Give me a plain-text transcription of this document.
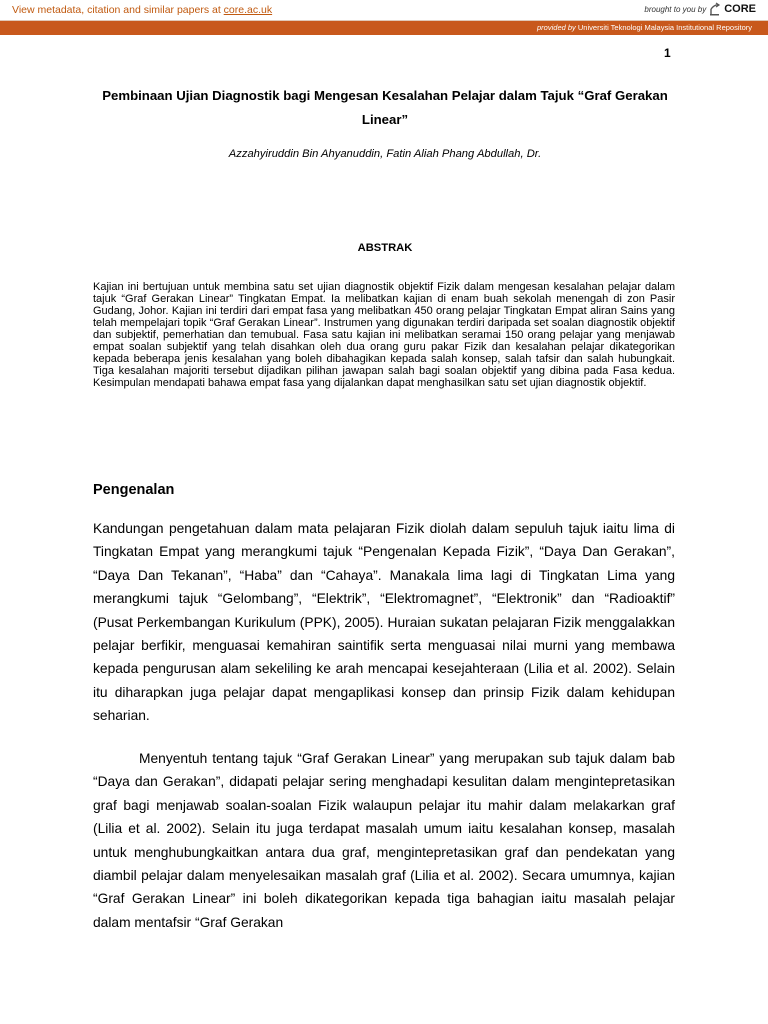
View metadata, citation and similar papers at core.ac.uk	brought to you by CORE
provided by Universiti Teknologi Malaysia Institutional Repository
1
Pembinaan Ujian Diagnostik bagi Mengesan Kesalahan Pelajar dalam Tajuk “Graf Gerakan Linear”
Azzahyiruddin Bin Ahyanuddin, Fatin Aliah Phang Abdullah, Dr.
ABSTRAK

Kajian ini bertujuan untuk membina satu set ujian diagnostik objektif Fizik dalam mengesan kesalahan pelajar dalam tajuk “Graf Gerakan Linear” Tingkatan Empat. Ia melibatkan kajian di enam buah sekolah menengah di zon Pasir Gudang, Johor. Kajian ini terdiri dari empat fasa yang melibatkan 450 orang pelajar Tingkatan Empat aliran Sains yang telah mempelajari topik “Graf Gerakan Linear”. Instrumen yang digunakan terdiri daripada set soalan diagnostik objektif dan subjektif, pemerhatian dan temubual. Fasa satu kajian ini melibatkan seramai 150 orang pelajar yang menjawab empat soalan subjektif yang telah disahkan oleh dua orang guru pakar Fizik dan kesalahan pelajar dikategorikan kepada beberapa jenis kesalahan yang boleh dibahagikan kepada salah konsep, salah tafsir dan salah hubungkait. Tiga kesalahan majoriti tersebut dijadikan pilihan jawapan salah bagi soalan objektif yang dibina pada Fasa kedua. Kesimpulan mendapati bahawa empat fasa yang dijalankan dapat menghasilkan satu set ujian diagnostik objektif.

Pengenalan

Kandungan pengetahuan dalam mata pelajaran Fizik diolah dalam sepuluh tajuk iaitu lima di Tingkatan Empat yang merangkumi tajuk “Pengenalan Kepada Fizik”, “Daya Dan Gerakan”, “Daya Dan Tekanan”, “Haba” dan “Cahaya”. Manakala lima lagi di Tingkatan Lima yang merangkumi tajuk “Gelombang”, “Elektrik”, “Elektromagnet”, “Elektronik” dan “Radioaktif” (Pusat Perkembangan Kurikulum (PPK), 2005). Huraian sukatan pelajaran Fizik menggalakkan pelajar berfikir, menguasai kemahiran saintifik serta menguasai nilai murni yang membawa kepada pengurusan alam sekeliling ke arah mencapai kesejahteraan (Lilia et al. 2002). Selain itu diharapkan juga pelajar dapat mengaplikasi konsep dan prinsip Fizik dalam kehidupan seharian.

Menyentuh tentang tajuk “Graf Gerakan Linear” yang merupakan sub tajuk dalam bab “Daya dan Gerakan”, didapati pelajar sering menghadapi kesulitan dalam mengintepretasikan graf bagi menjawab soalan-soalan Fizik walaupun pelajar itu mahir dalam melakarkan graf (Lilia et al. 2002). Selain itu juga terdapat masalah umum iaitu kesalahan konsep, masalah untuk menghubungkaitkan antara dua graf, mengintepretasikan graf dan pendekatan yang diambil pelajar dalam menyelesaikan masalah graf (Lilia et al. 2002). Secara umumnya, kajian “Graf Gerakan Linear” ini boleh dikategorikan kepada tiga bahagian iaitu masalah pelajar dalam mentafsir “Graf Gerakan
